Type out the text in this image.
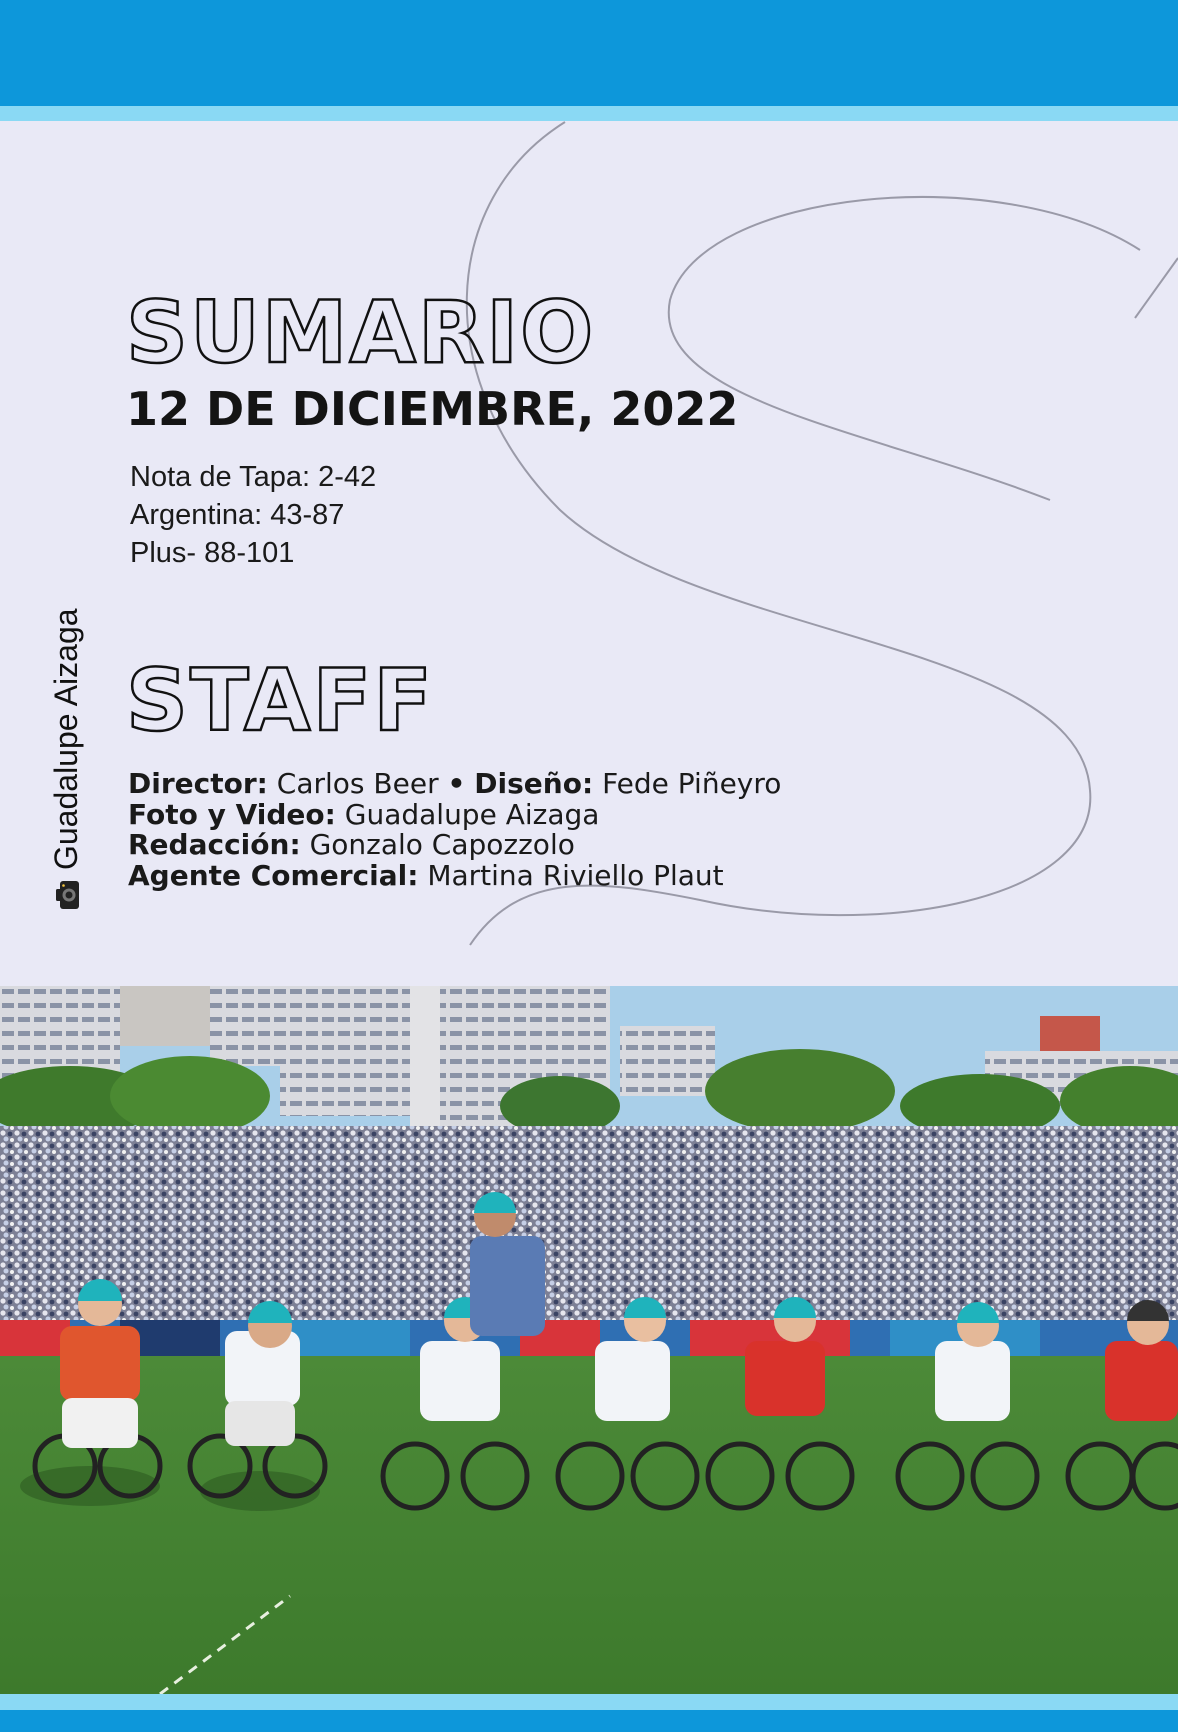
SUMARIO
12 DE DICIEMBRE, 2022
Nota de Tapa: 2-42
Argentina: 43-87
Plus- 88-101
STAFF
Director: Carlos Beer • Diseño: Fede Piñeyro
Foto y Video: Guadalupe Aizaga
Redacción: Gonzalo Capozzolo
Agente Comercial: Martina Riviello Plaut
Guadalupe Aizaga
